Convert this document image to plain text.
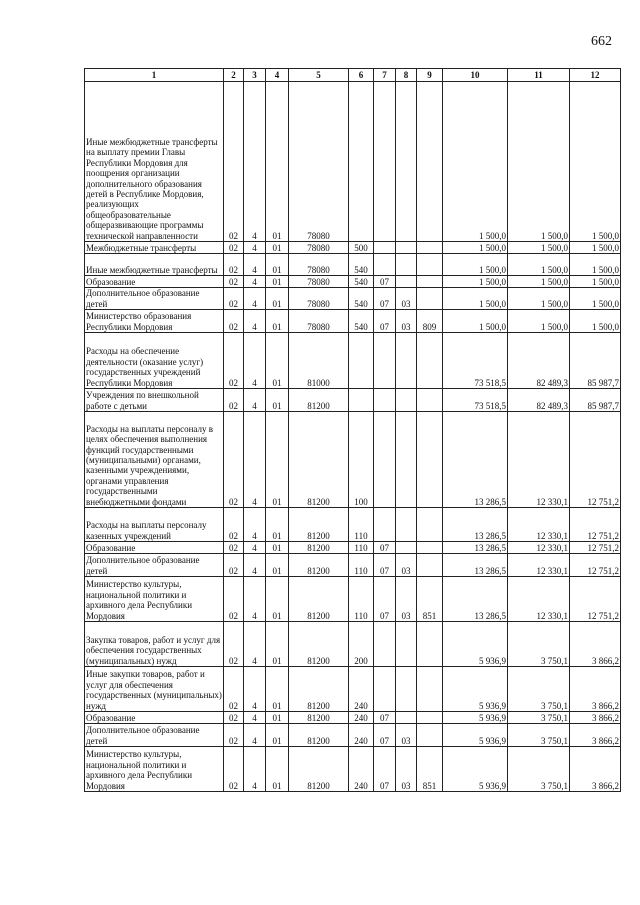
662
1	2	3	4	5	6	7	8	9	10	11	12
Иные межбюджетные трансферты на выплату премии Главы Республики Мордовия для поощрения организации дополнительного образования детей в Республике Мордовия, реализующих общеобразовательные общеразвивающие программы технической направленности	02	4	01	78080					1 500,0	1 500,0	1 500,0
Межбюджетные трансферты	02	4	01	78080	500				1 500,0	1 500,0	1 500,0
Иные межбюджетные трансферты	02	4	01	78080	540				1 500,0	1 500,0	1 500,0
Образование	02	4	01	78080	540	07			1 500,0	1 500,0	1 500,0
Дополнительное образование детей	02	4	01	78080	540	07	03		1 500,0	1 500,0	1 500,0
Министерство образования Республики Мордовия	02	4	01	78080	540	07	03	809	1 500,0	1 500,0	1 500,0
Расходы на обеспечение деятельности (оказание услуг) государственных учреждений Республики Мордовия	02	4	01	81000					73 518,5	82 489,3	85 987,7
Учреждения по внешкольной работе с детьми	02	4	01	81200					73 518,5	82 489,3	85 987,7
Расходы на выплаты персоналу в целях обеспечения выполнения функций государственными (муниципальными) органами, казенными учреждениями, органами управления государственными внебюджетными фондами	02	4	01	81200	100				13 286,5	12 330,1	12 751,2
Расходы на выплаты персоналу казенных учреждений	02	4	01	81200	110				13 286,5	12 330,1	12 751,2
Образование	02	4	01	81200	110	07			13 286,5	12 330,1	12 751,2
Дополнительное образование детей	02	4	01	81200	110	07	03		13 286,5	12 330,1	12 751,2
Министерство культуры, национальной политики и архивного дела Республики Мордовия	02	4	01	81200	110	07	03	851	13 286,5	12 330,1	12 751,2
Закупка товаров, работ и услуг для обеспечения государственных (муниципальных) нужд	02	4	01	81200	200				5 936,9	3 750,1	3 866,2
Иные закупки товаров, работ и услуг для обеспечения государственных (муниципальных) нужд	02	4	01	81200	240				5 936,9	3 750,1	3 866,2
Образование	02	4	01	81200	240	07			5 936,9	3 750,1	3 866,2
Дополнительное образование детей	02	4	01	81200	240	07	03		5 936,9	3 750,1	3 866,2
Министерство культуры, национальной политики и архивного дела Республики Мордовия	02	4	01	81200	240	07	03	851	5 936,9	3 750,1	3 866,2
